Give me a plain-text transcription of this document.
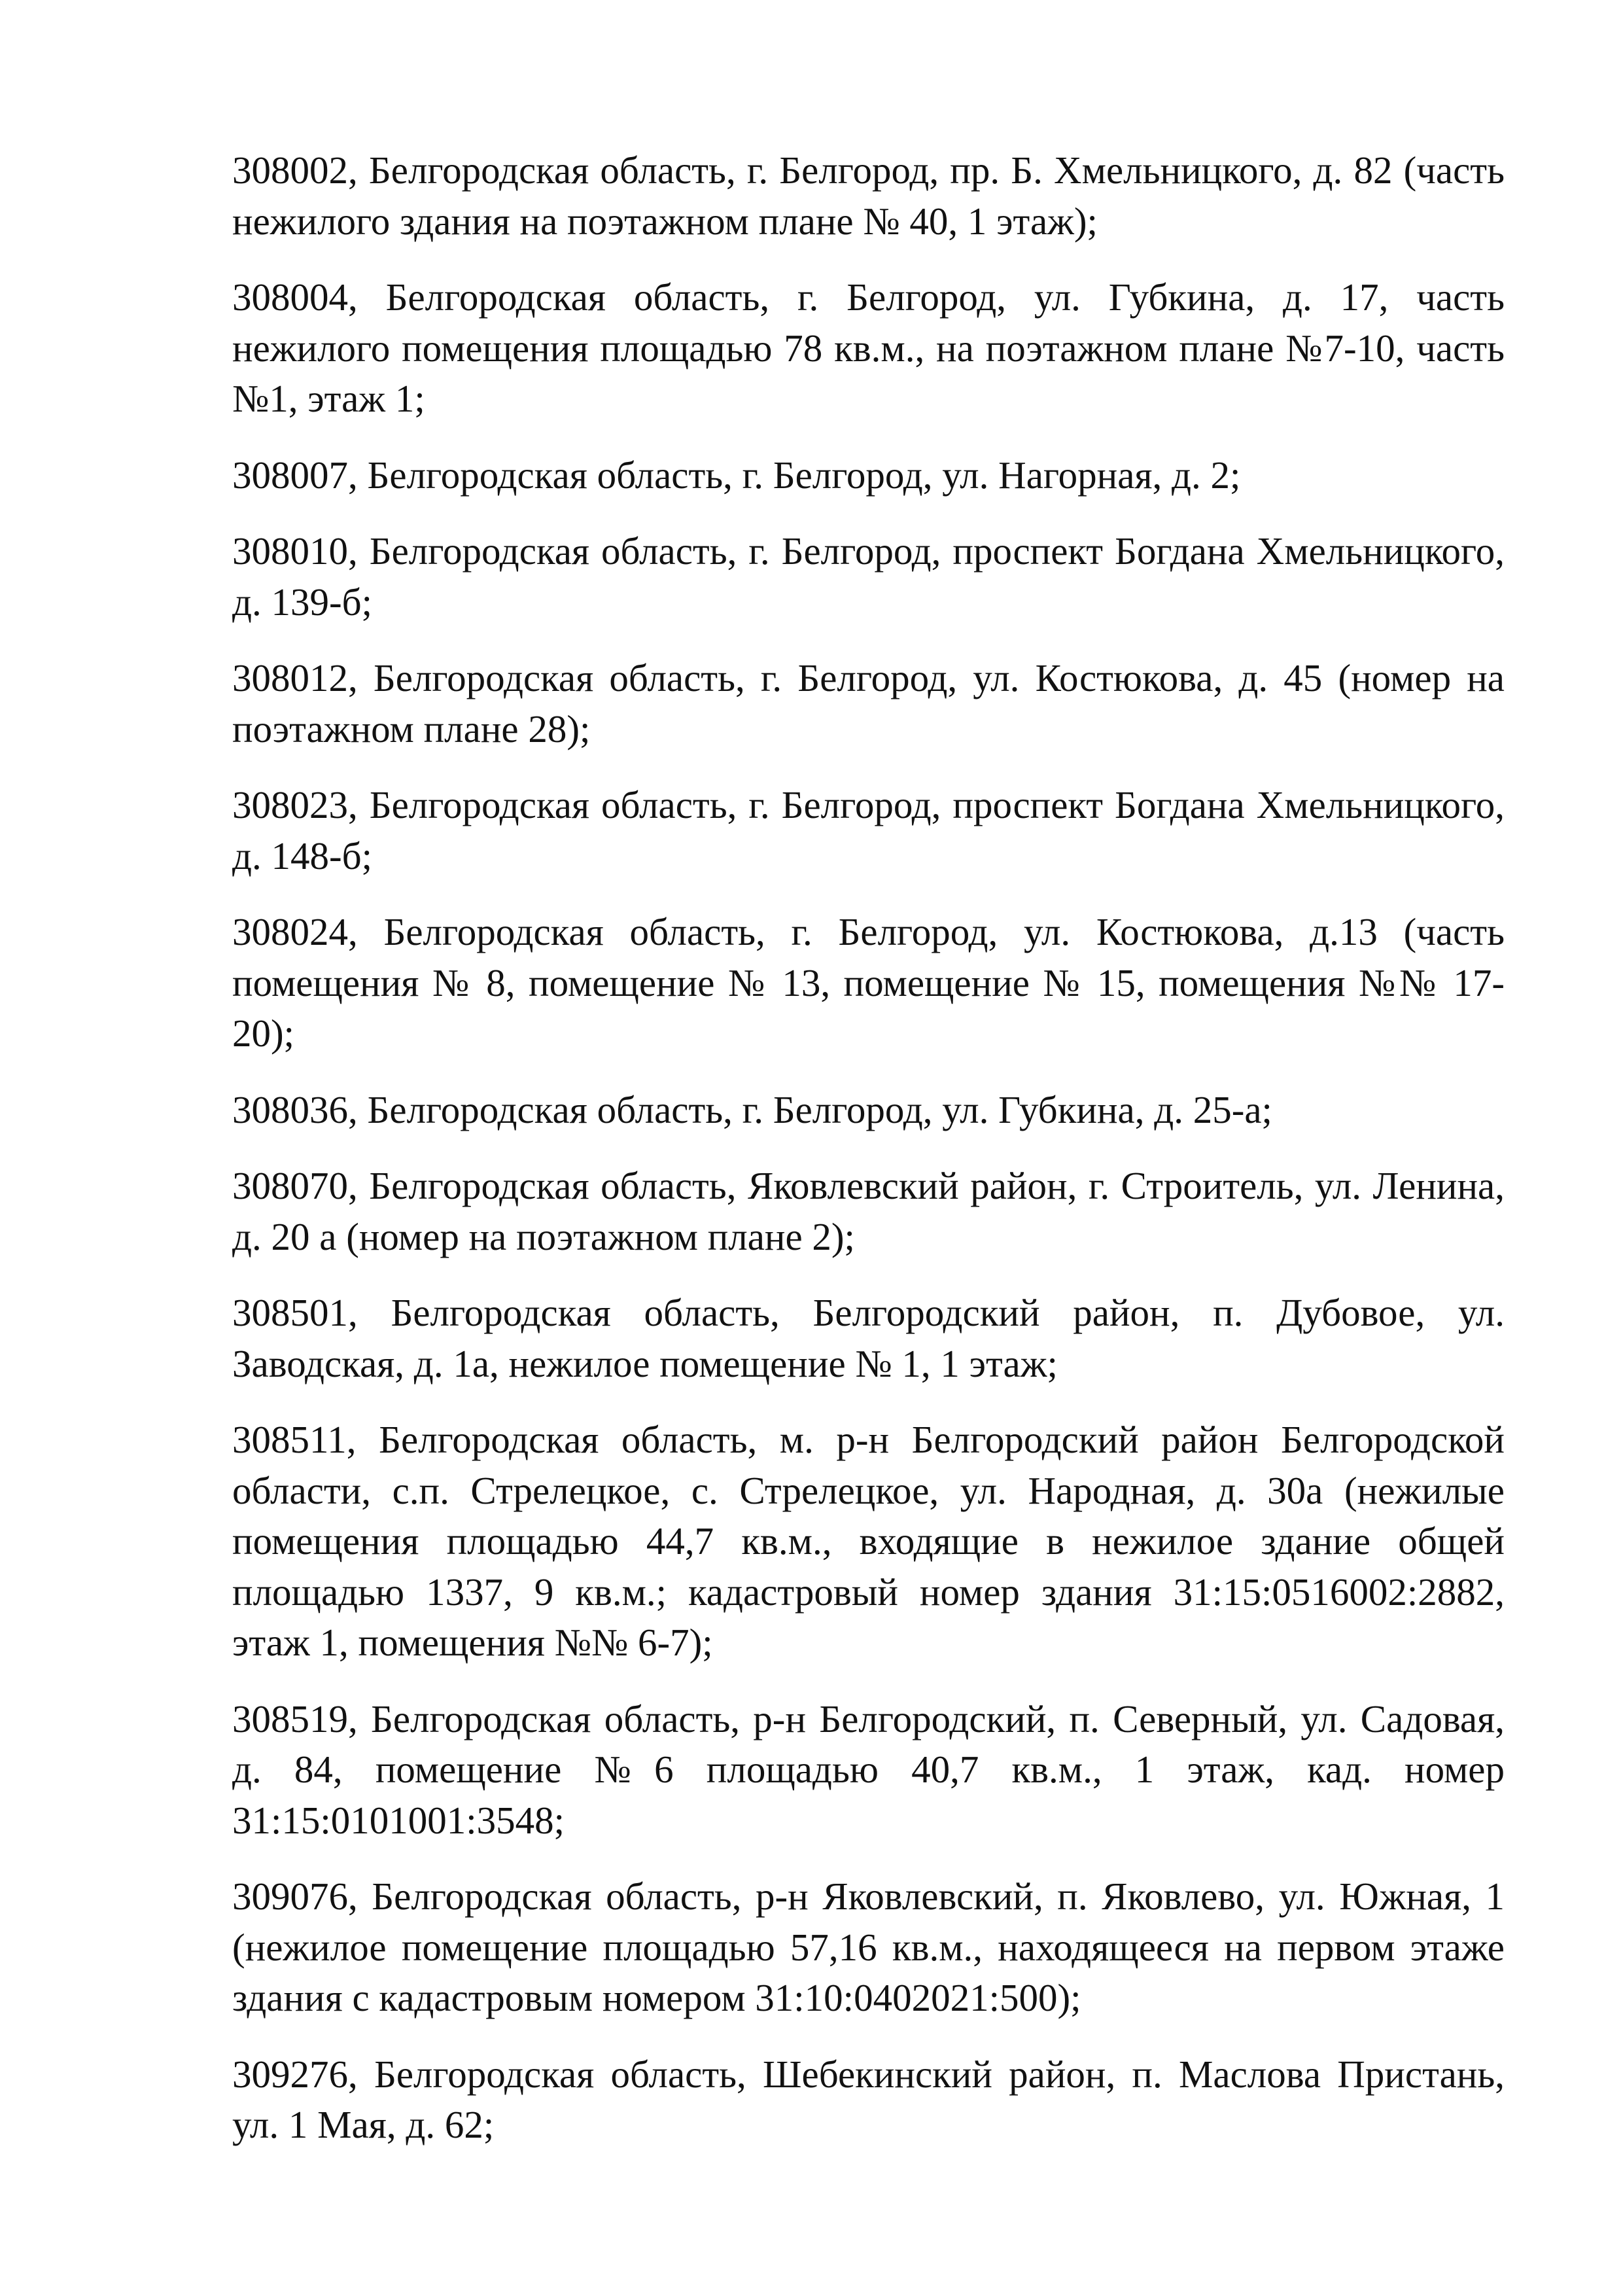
308002, Белгородская область, г. Белгород, пр. Б. Хмельницкого, д. 82 (часть нежилого здания на поэтажном плане № 40, 1 этаж);

308004, Белгородская область, г. Белгород, ул. Губкина, д. 17, часть нежилого помещения площадью 78 кв.м., на поэтажном плане №7-10, часть №1, этаж 1;

308007, Белгородская область, г. Белгород, ул. Нагорная, д. 2;

308010, Белгородская область, г. Белгород, проспект Богдана Хмельницкого, д. 139-б;

308012, Белгородская область, г. Белгород, ул. Костюкова, д. 45 (номер на поэтажном плане 28);

308023, Белгородская область, г. Белгород, проспект Богдана Хмельницкого, д. 148-б;

308024, Белгородская область, г. Белгород, ул. Костюкова, д.13 (часть помещения № 8, помещение № 13, помещение № 15, помещения №№ 17-20);

308036, Белгородская область, г. Белгород, ул. Губкина, д. 25-а;

308070, Белгородская область, Яковлевский район, г. Строитель, ул. Ленина, д. 20 а (номер на поэтажном плане 2);

308501, Белгородская область, Белгородский район, п. Дубовое, ул. Заводская, д. 1а, нежилое помещение № 1, 1 этаж;

308511, Белгородская область, м. р-н Белгородский район Белгородской области, с.п. Стрелецкое, с. Стрелецкое, ул. Народная, д. 30а (нежилые помещения площадью 44,7 кв.м., входящие в нежилое здание общей площадью 1337, 9 кв.м.; кадастровый номер здания 31:15:0516002:2882, этаж 1, помещения №№ 6-7);

308519, Белгородская область, р-н Белгородский, п. Северный, ул. Садовая, д. 84, помещение №6 площадью 40,7 кв.м., 1 этаж, кад. номер 31:15:0101001:3548;

309076, Белгородская область, р-н Яковлевский, п. Яковлево, ул. Южная, 1 (нежилое помещение площадью 57,16 кв.м., находящееся на первом этаже здания с кадастровым номером 31:10:0402021:500);

309276, Белгородская область, Шебекинский район, п. Маслова Пристань, ул. 1 Мая, д. 62;
